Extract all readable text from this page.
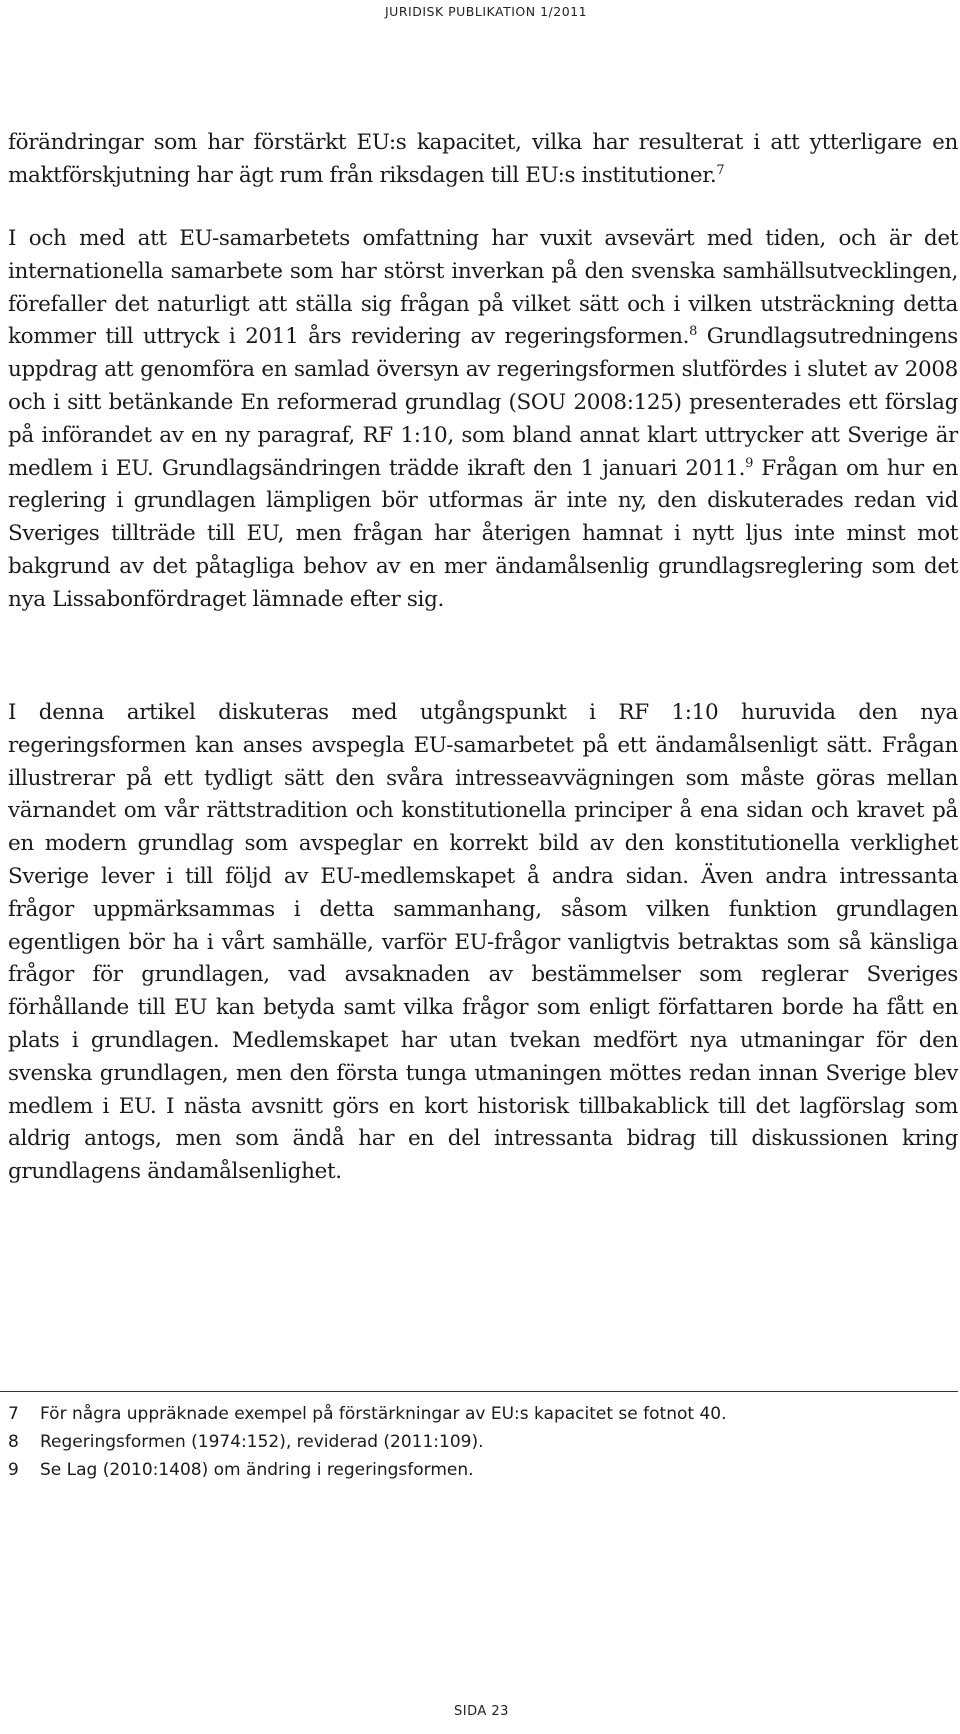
JURIDISK PUBLIKATION 1/2011

förändringar som har förstärkt EU:s kapacitet, vilka har resulterat i att ytterligare en maktförskjutning har ägt rum från riksdagen till EU:s institutioner.$^7$

I och med att EU-samarbetets omfattning har vuxit avsevärt med tiden, och är det internationella samarbete som har störst inverkan på den svenska samhällsutvecklingen, förefaller det naturligt att ställa sig frågan på vilket sätt och i vilken utsträckning detta kommer till uttryck i 2011 års revidering av regeringsformen.$^8$ Grundlagsutredningens uppdrag att genomföra en samlad översyn av regeringsformen slutfördes i slutet av 2008 och i sitt betänkande En reformerad grundlag (SOU 2008:125) presenterades ett förslag på införandet av en ny paragraf, RF 1:10, som bland annat klart uttrycker att Sverige är medlem i EU. Grundlagsändringen trädde ikraft den 1 januari 2011.$^9$ Frågan om hur en reglering i grundlagen lämpligen bör utformas är inte ny, den diskuterades redan vid Sveriges tillträde till EU, men frågan har återigen hamnat i nytt ljus inte minst mot bakgrund av det påtagliga behov av en mer ändamålsenlig grundlagsreglering som det nya Lissabonfördraget lämnade efter sig.

I denna artikel diskuteras med utgångspunkt i RF 1:10 huruvida den nya regeringsformen kan anses avspegla EU-samarbetet på ett ändamålsenligt sätt. Frågan illustrerar på ett tydligt sätt den svåra intresseavvägningen som måste göras mellan värnandet om vår rättstradition och konstitutionella principer å ena sidan och kravet på en modern grundlag som avspeglar en korrekt bild av den konstitutionella verklighet Sverige lever i till följd av EU-medlemskapet å andra sidan. Även andra intressanta frågor uppmärksammas i detta sammanhang, såsom vilken funktion grundlagen egentligen bör ha i vårt samhälle, varför EU-frågor vanligtvis betraktas som så känsliga frågor för grundlagen, vad avsaknaden av bestämmelser som reglerar Sveriges förhållande till EU kan betyda samt vilka frågor som enligt författaren borde ha fått en plats i grundlagen. Medlemskapet har utan tvekan medfört nya utmaningar för den svenska grundlagen, men den första tunga utmaningen möttes redan innan Sverige blev medlem i EU. I nästa avsnitt görs en kort historisk tillbakablick till det lagförslag som aldrig antogs, men som ändå har en del intressanta bidrag till diskussionen kring grundlagens ändamålsenlighet.

7	För några uppräknade exempel på förstärkningar av EU:s kapacitet se fotnot 40.
8	Regeringsformen (1974:152), reviderad (2011:109).
9	Se Lag (2010:1408) om ändring i regeringsformen.
SIDA 23
